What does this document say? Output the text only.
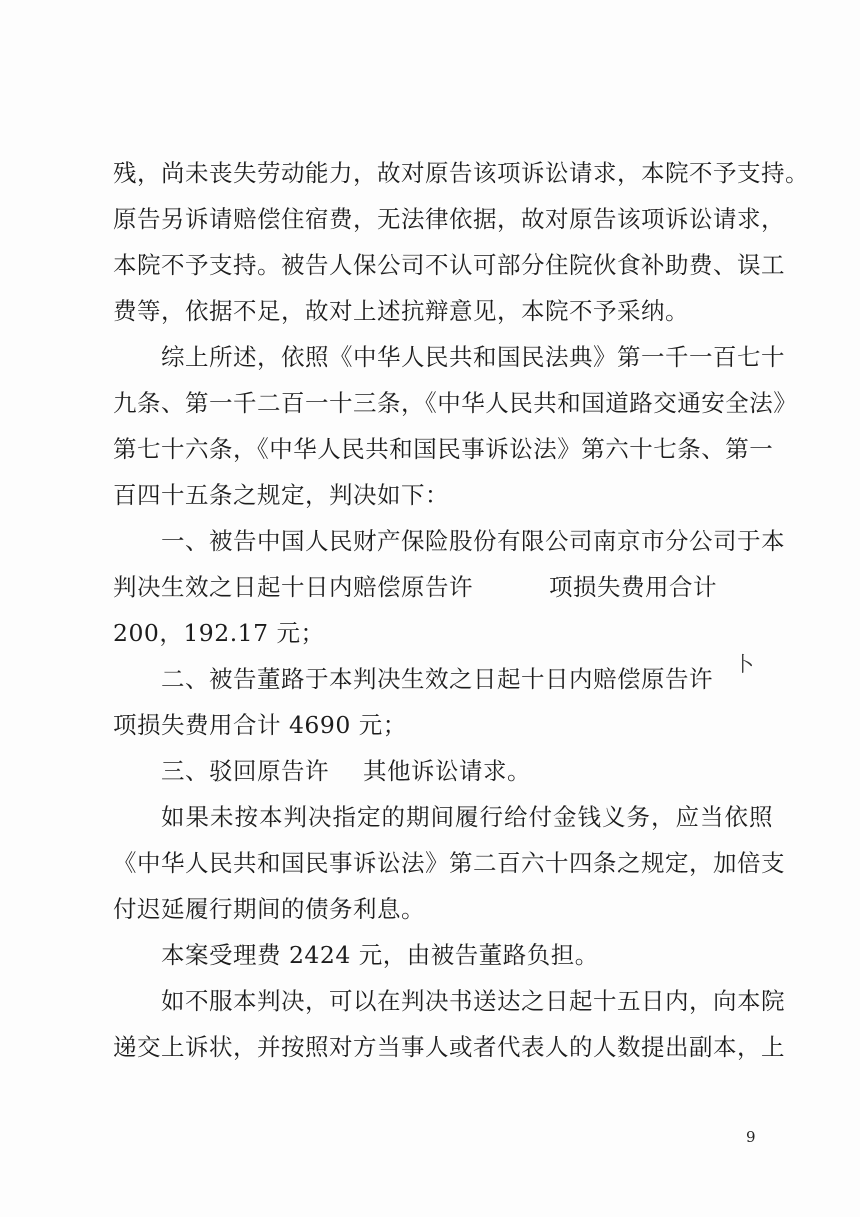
残，尚未丧失劳动能力，故对原告该项诉讼请求，本院不予支持。
原告另诉请赔偿住宿费，无法律依据，故对原告该项诉讼请求，
本院不予支持。被告人保公司不认可部分住院伙食补助费、误工
费等，依据不足，故对上述抗辩意见，本院不予采纳。
综上所述，依照《中华人民共和国民法典》第一千一百七十
九条、第一千二百一十三条，《中华人民共和国道路交通安全法》
第七十六条，《中华人民共和国民事诉讼法》第六十七条、第一
百四十五条之规定，判决如下：
一、被告中国人民财产保险股份有限公司南京市分公司于本
判决生效之日起十日内赔偿原告许	项损失费用合计
200，192.17 元；
二、被告董路于本判决生效之日起十日内赔偿原告许
项损失费用合计 4690 元；
三、驳回原告许 其他诉讼请求。
如果未按本判决指定的期间履行给付金钱义务，应当依照
《中华人民共和国民事诉讼法》第二百六十四条之规定，加倍支
付迟延履行期间的债务利息。
本案受理费 2424 元，由被告董路负担。
如不服本判决，可以在判决书送达之日起十五日内，向本院
递交上诉状，并按照对方当事人或者代表人的人数提出副本，上
卜
9
